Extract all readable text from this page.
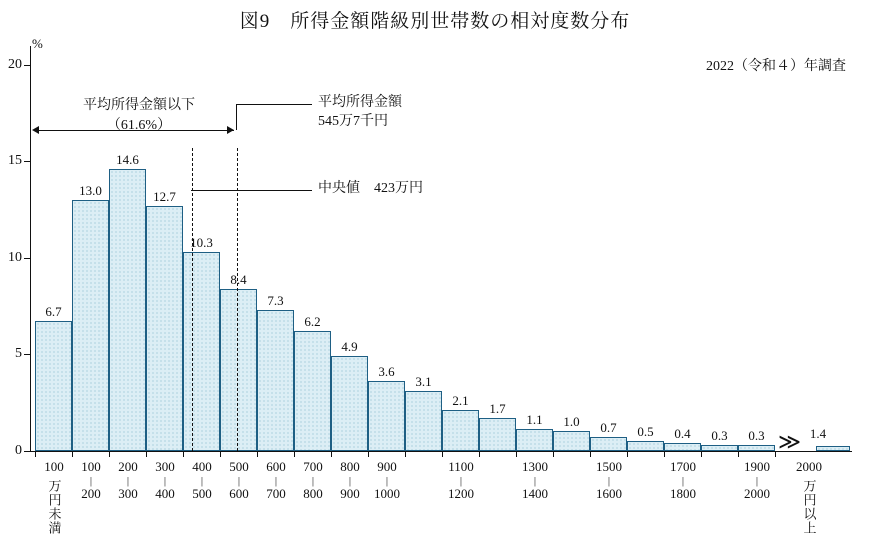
図9　所得金額階級別世帯数の相対度数分布
2022（令和４）年調査
%
0
5
10
15
20
6.7
13.0
14.6
12.7
10.3
8.4
7.3
6.2
4.9
3.6
3.1
2.1
1.7
1.1	1.0	0.7	0.5	0.4	0.3	0.3	1.4
平均所得金額以下
（61.6%）
平均所得金額
545万7千円
中央値　423万円
≫
100
万円未満
100
|
200
200
|
300
300
|
400
400
|
500
500
|
600
600
|
700
700
|
800
800
|
900
900
|
1000
1100
|
1200
1300
|
1400
1500
|
1600
1700
|
1800
1900
|
2000
2000
万円以上
